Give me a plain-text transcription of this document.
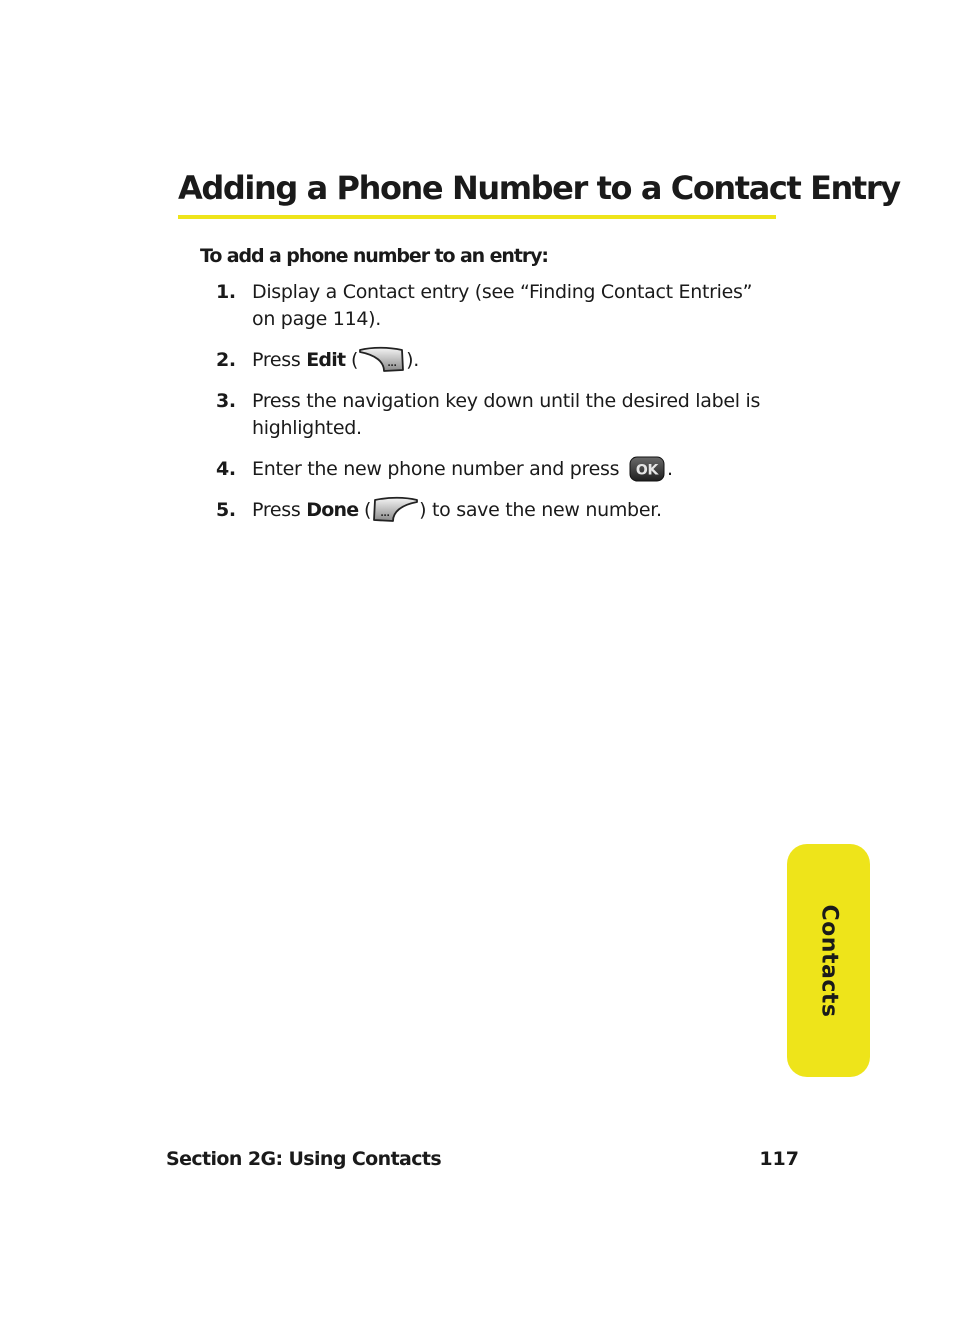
Adding a Phone Number to a Contact Entry

To add a phone number to an entry:

1. Display a Contact entry (see “Finding Contact Entries” on page 114).
2. Press Edit (	... ).
3. Press the navigation key down until the desired label is highlighted.
4. Enter the new phone number and press OK .
5. Press Done ( ... ) to save the new number.
Contacts
Section 2G: Using Contacts	117
